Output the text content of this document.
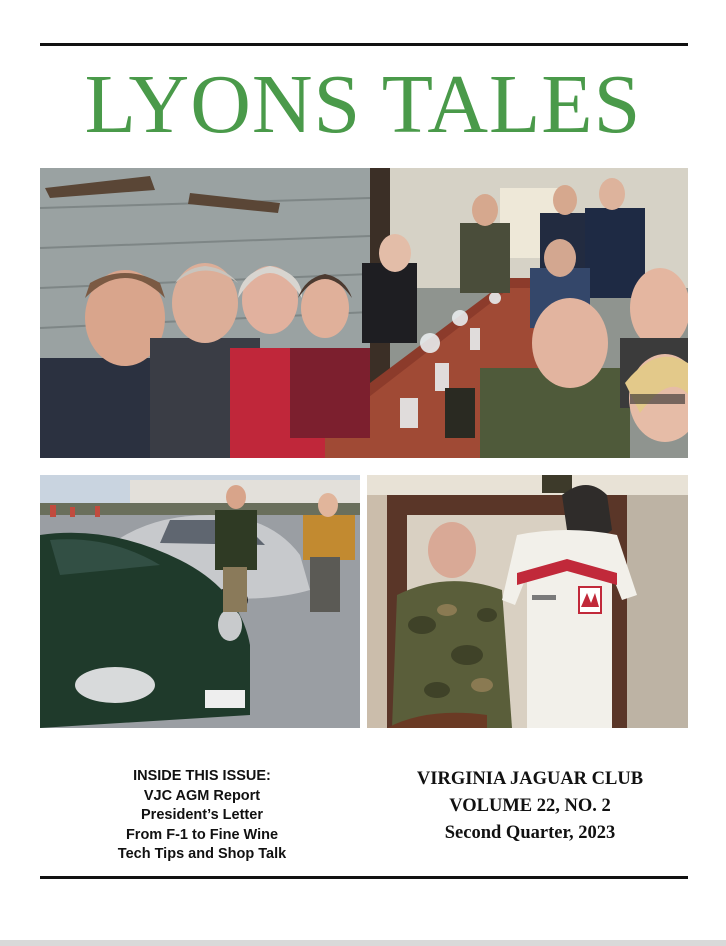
LYONS TALES
INSIDE THIS ISSUE:
VJC AGM Report
President’s Letter
From F-1 to Fine Wine
Tech Tips and Shop Talk
VIRGINIA JAGUAR CLUB
VOLUME 22, NO. 2
Second Quarter, 2023
